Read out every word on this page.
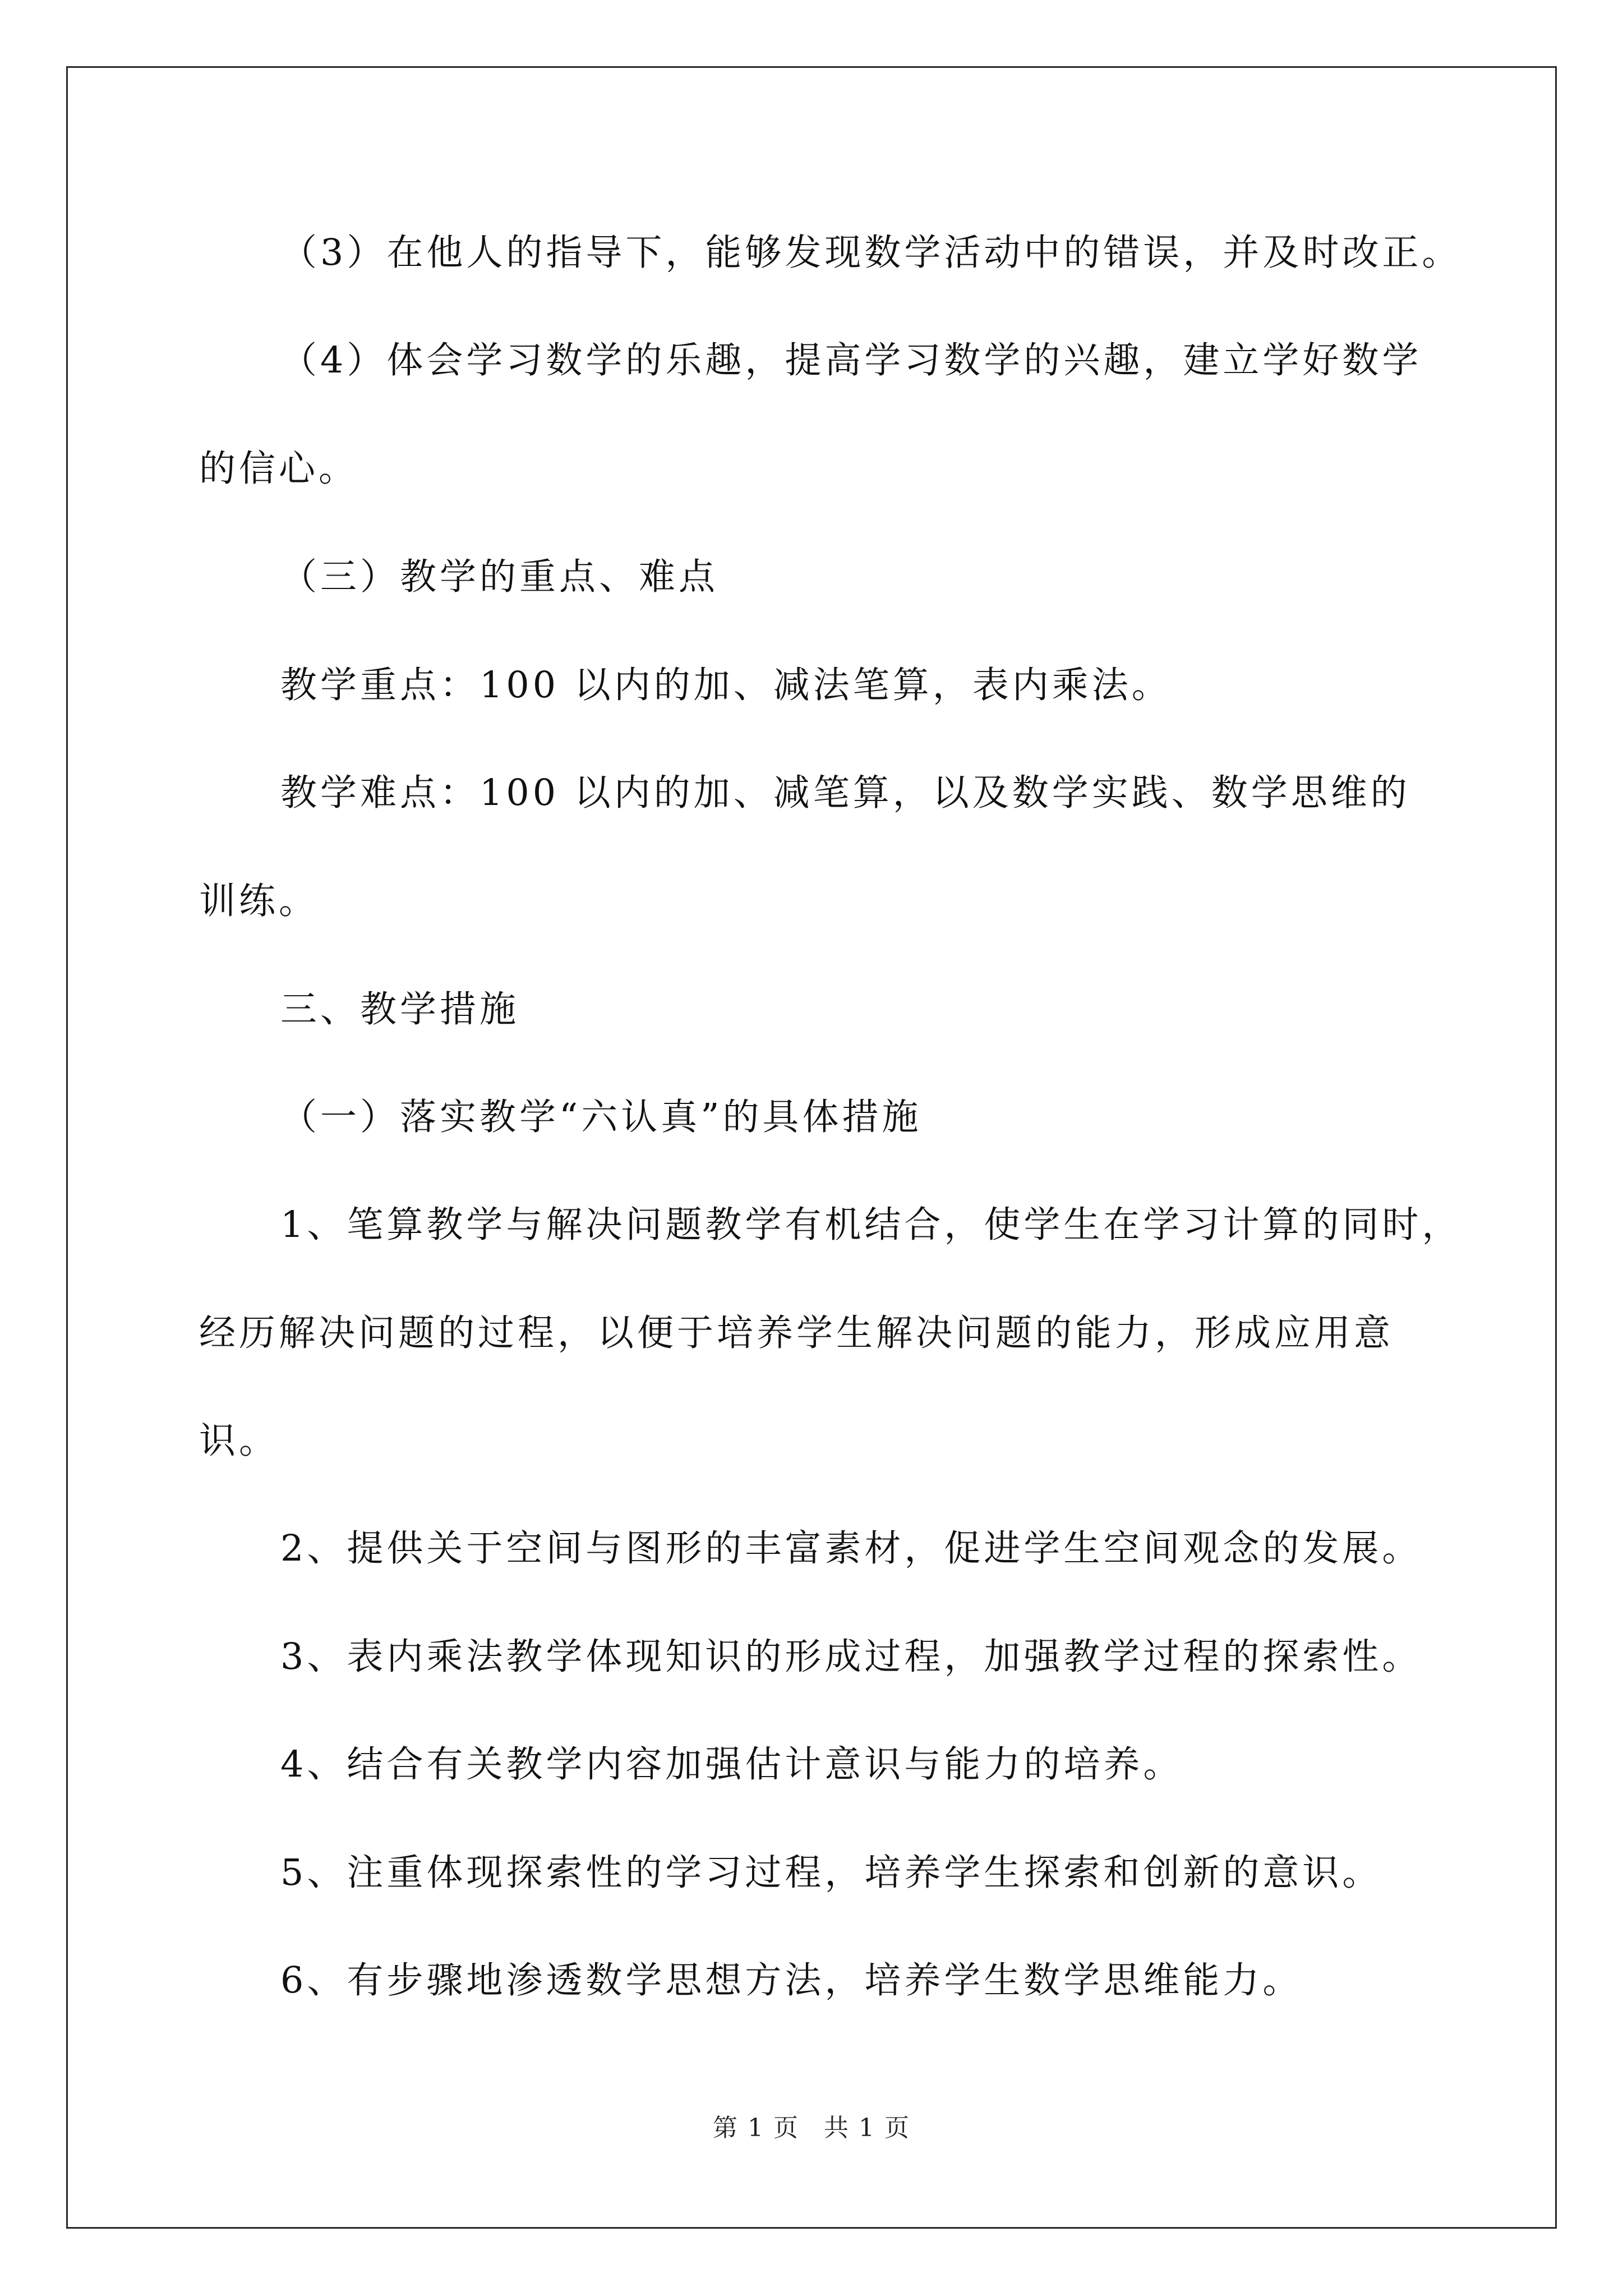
（3）在他人的指导下，能够发现数学活动中的错误，并及时改正。
（4）体会学习数学的乐趣，提高学习数学的兴趣，建立学好数学
的信心。
（三）教学的重点、难点
教学重点：100 以内的加、减法笔算，表内乘法。
教学难点：100 以内的加、减笔算，以及数学实践、数学思维的
训练。
三、教学措施
（一）落实教学“六认真”的具体措施
1、笔算教学与解决问题教学有机结合，使学生在学习计算的同时，
经历解决问题的过程，以便于培养学生解决问题的能力，形成应用意
识。
2、提供关于空间与图形的丰富素材，促进学生空间观念的发展。
3、表内乘法教学体现知识的形成过程，加强教学过程的探索性。
4、结合有关教学内容加强估计意识与能力的培养。
5、注重体现探索性的学习过程，培养学生探索和创新的意识。
6、有步骤地渗透数学思想方法，培养学生数学思维能力。
第 1 页 共 1 页
